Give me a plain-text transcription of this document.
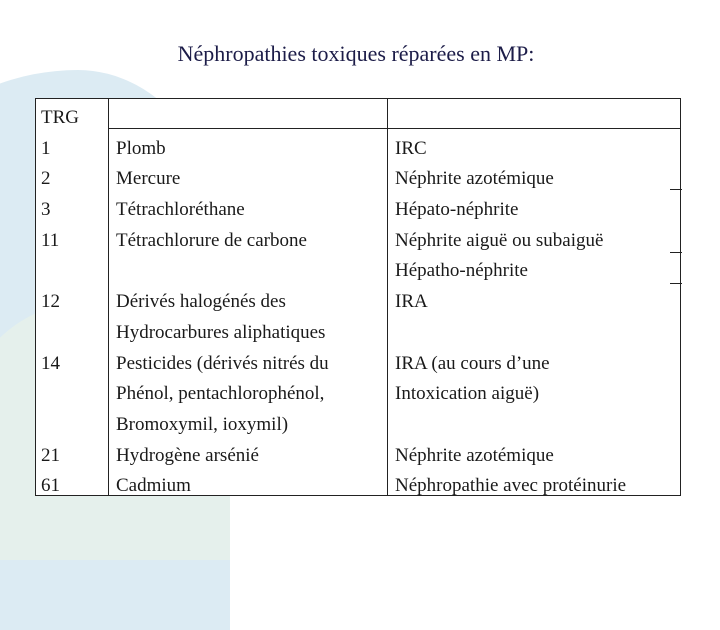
Néphropathies toxiques réparées en MP:
TRG
1
2
3
11
12
14
21
61
Plomb
Mercure
Tétrachloréthane
Tétrachlorure de carbone
Dérivés halogénés des
Hydrocarbures aliphatiques
Pesticides (dérivés nitrés du
Phénol, pentachlorophénol,
Bromoxymil, ioxymil)
Hydrogène arsénié
Cadmium
IRC
Néphrite azotémique
Hépato-néphrite
Néphrite aiguë ou subaiguë
Hépatho-néphrite
IRA
IRA (au cours d’une
Intoxication aiguë)
Néphrite azotémique
Néphropathie avec protéinurie
